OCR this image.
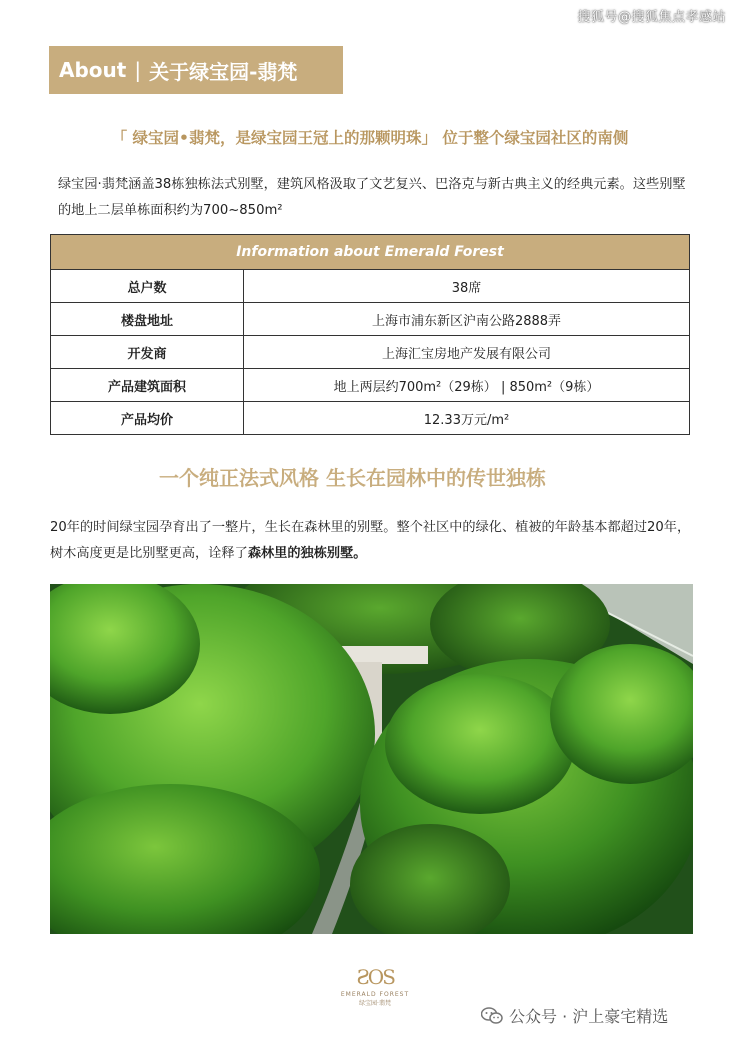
搜狐号@搜狐焦点孝感站
About | 关于绿宝园-翡梵
「 绿宝园•翡梵，是绿宝园王冠上的那颗明珠」 位于整个绿宝园社区的南侧
绿宝园·翡梵涵盖38栋独栋法式别墅，建筑风格汲取了文艺复兴、巴洛克与新古典主义的经典元素。这些别墅的地上二层单栋面积约为700~850m²
Information about Emerald Forest	
总户数	38席
楼盘地址	上海市浦东新区沪南公路2888弄
开发商	上海汇宝房地产发展有限公司
产品建筑面积	地上两层约700m²（29栋） | 850m²（9栋）
产品均价	12.33万元/m²
一个纯正法式风格 生长在园林中的传世独栋
20年的时间绿宝园孕育出了一整片，生长在森林里的别墅。整个社区中的绿化、植被的年龄基本都超过20年，树木高度更是比别墅更高，诠释了森林里的独栋别墅。
ƧOS
EMERALD FOREST
绿宝园·翡梵
公众号 · 沪上豪宅精选
